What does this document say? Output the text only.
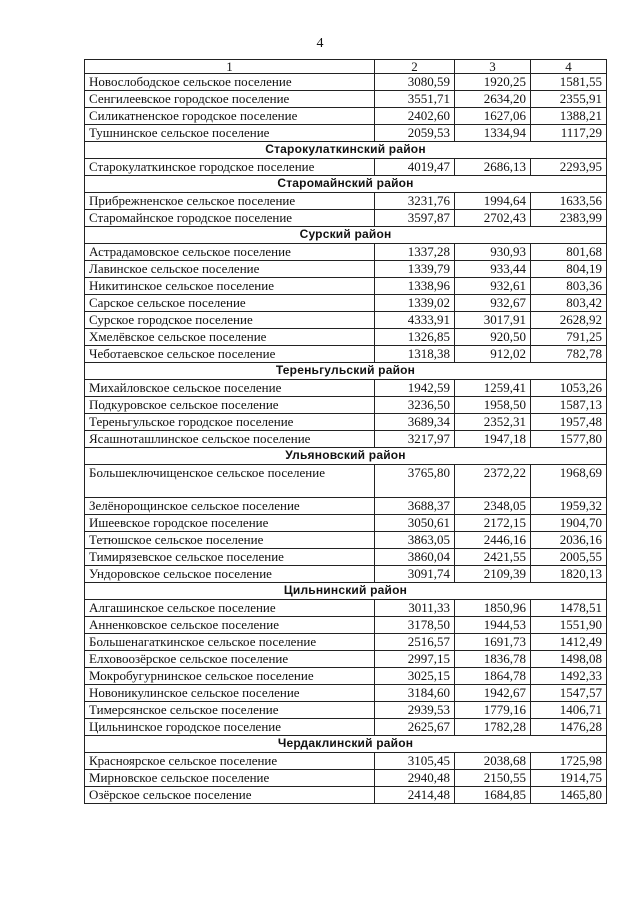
4
1	2	3	4
Новослободское сельское поселение	3080,59	1920,25	1581,55
Сенгилеевское городское поселение	3551,71	2634,20	2355,91
Силикатненское городское поселение	2402,60	1627,06	1388,21
Тушнинское сельское поселение	2059,53	1334,94	1117,29
Старокулаткинский район			
Старокулаткинское городское поселение	4019,47	2686,13	2293,95
Старомайнский район			
Прибрежненское сельское поселение	3231,76	1994,64	1633,56
Старомайнское городское поселение	3597,87	2702,43	2383,99
Сурский район			
Астрадамовское сельское поселение	1337,28	930,93	801,68
Лавинское сельское поселение	1339,79	933,44	804,19
Никитинское сельское поселение	1338,96	932,61	803,36
Сарское сельское поселение	1339,02	932,67	803,42
Сурское городское поселение	4333,91	3017,91	2628,92
Хмелёвское сельское поселение	1326,85	920,50	791,25
Чеботаевское сельское поселение	1318,38	912,02	782,78
Тереньгульский район			
Михайловское сельское поселение	1942,59	1259,41	1053,26
Подкуровское сельское поселение	3236,50	1958,50	1587,13
Тереньгульское городское поселение	3689,34	2352,31	1957,48
Ясашноташлинское сельское поселение	3217,97	1947,18	1577,80
Ульяновский район			
Большеключищенское сельское поселение	3765,80	2372,22	1968,69
Зелёнорощинское сельское поселение	3688,37	2348,05	1959,32
Ишеевское городское поселение	3050,61	2172,15	1904,70
Тетюшское сельское поселение	3863,05	2446,16	2036,16
Тимирязевское сельское поселение	3860,04	2421,55	2005,55
Ундоровское сельское поселение	3091,74	2109,39	1820,13
Цильнинский район			
Алгашинское сельское поселение	3011,33	1850,96	1478,51
Анненковское сельское поселение	3178,50	1944,53	1551,90
Большенагаткинское сельское поселение	2516,57	1691,73	1412,49
Елховоозёрское сельское поселение	2997,15	1836,78	1498,08
Мокробугурнинское сельское поселение	3025,15	1864,78	1492,33
Новоникулинское сельское поселение	3184,60	1942,67	1547,57
Тимерсянское сельское поселение	2939,53	1779,16	1406,71
Цильнинское городское поселение	2625,67	1782,28	1476,28
Чердаклинский район			
Красноярское сельское поселение	3105,45	2038,68	1725,98
Мирновское сельское поселение	2940,48	2150,55	1914,75
Озёрское сельское поселение	2414,48	1684,85	1465,80
